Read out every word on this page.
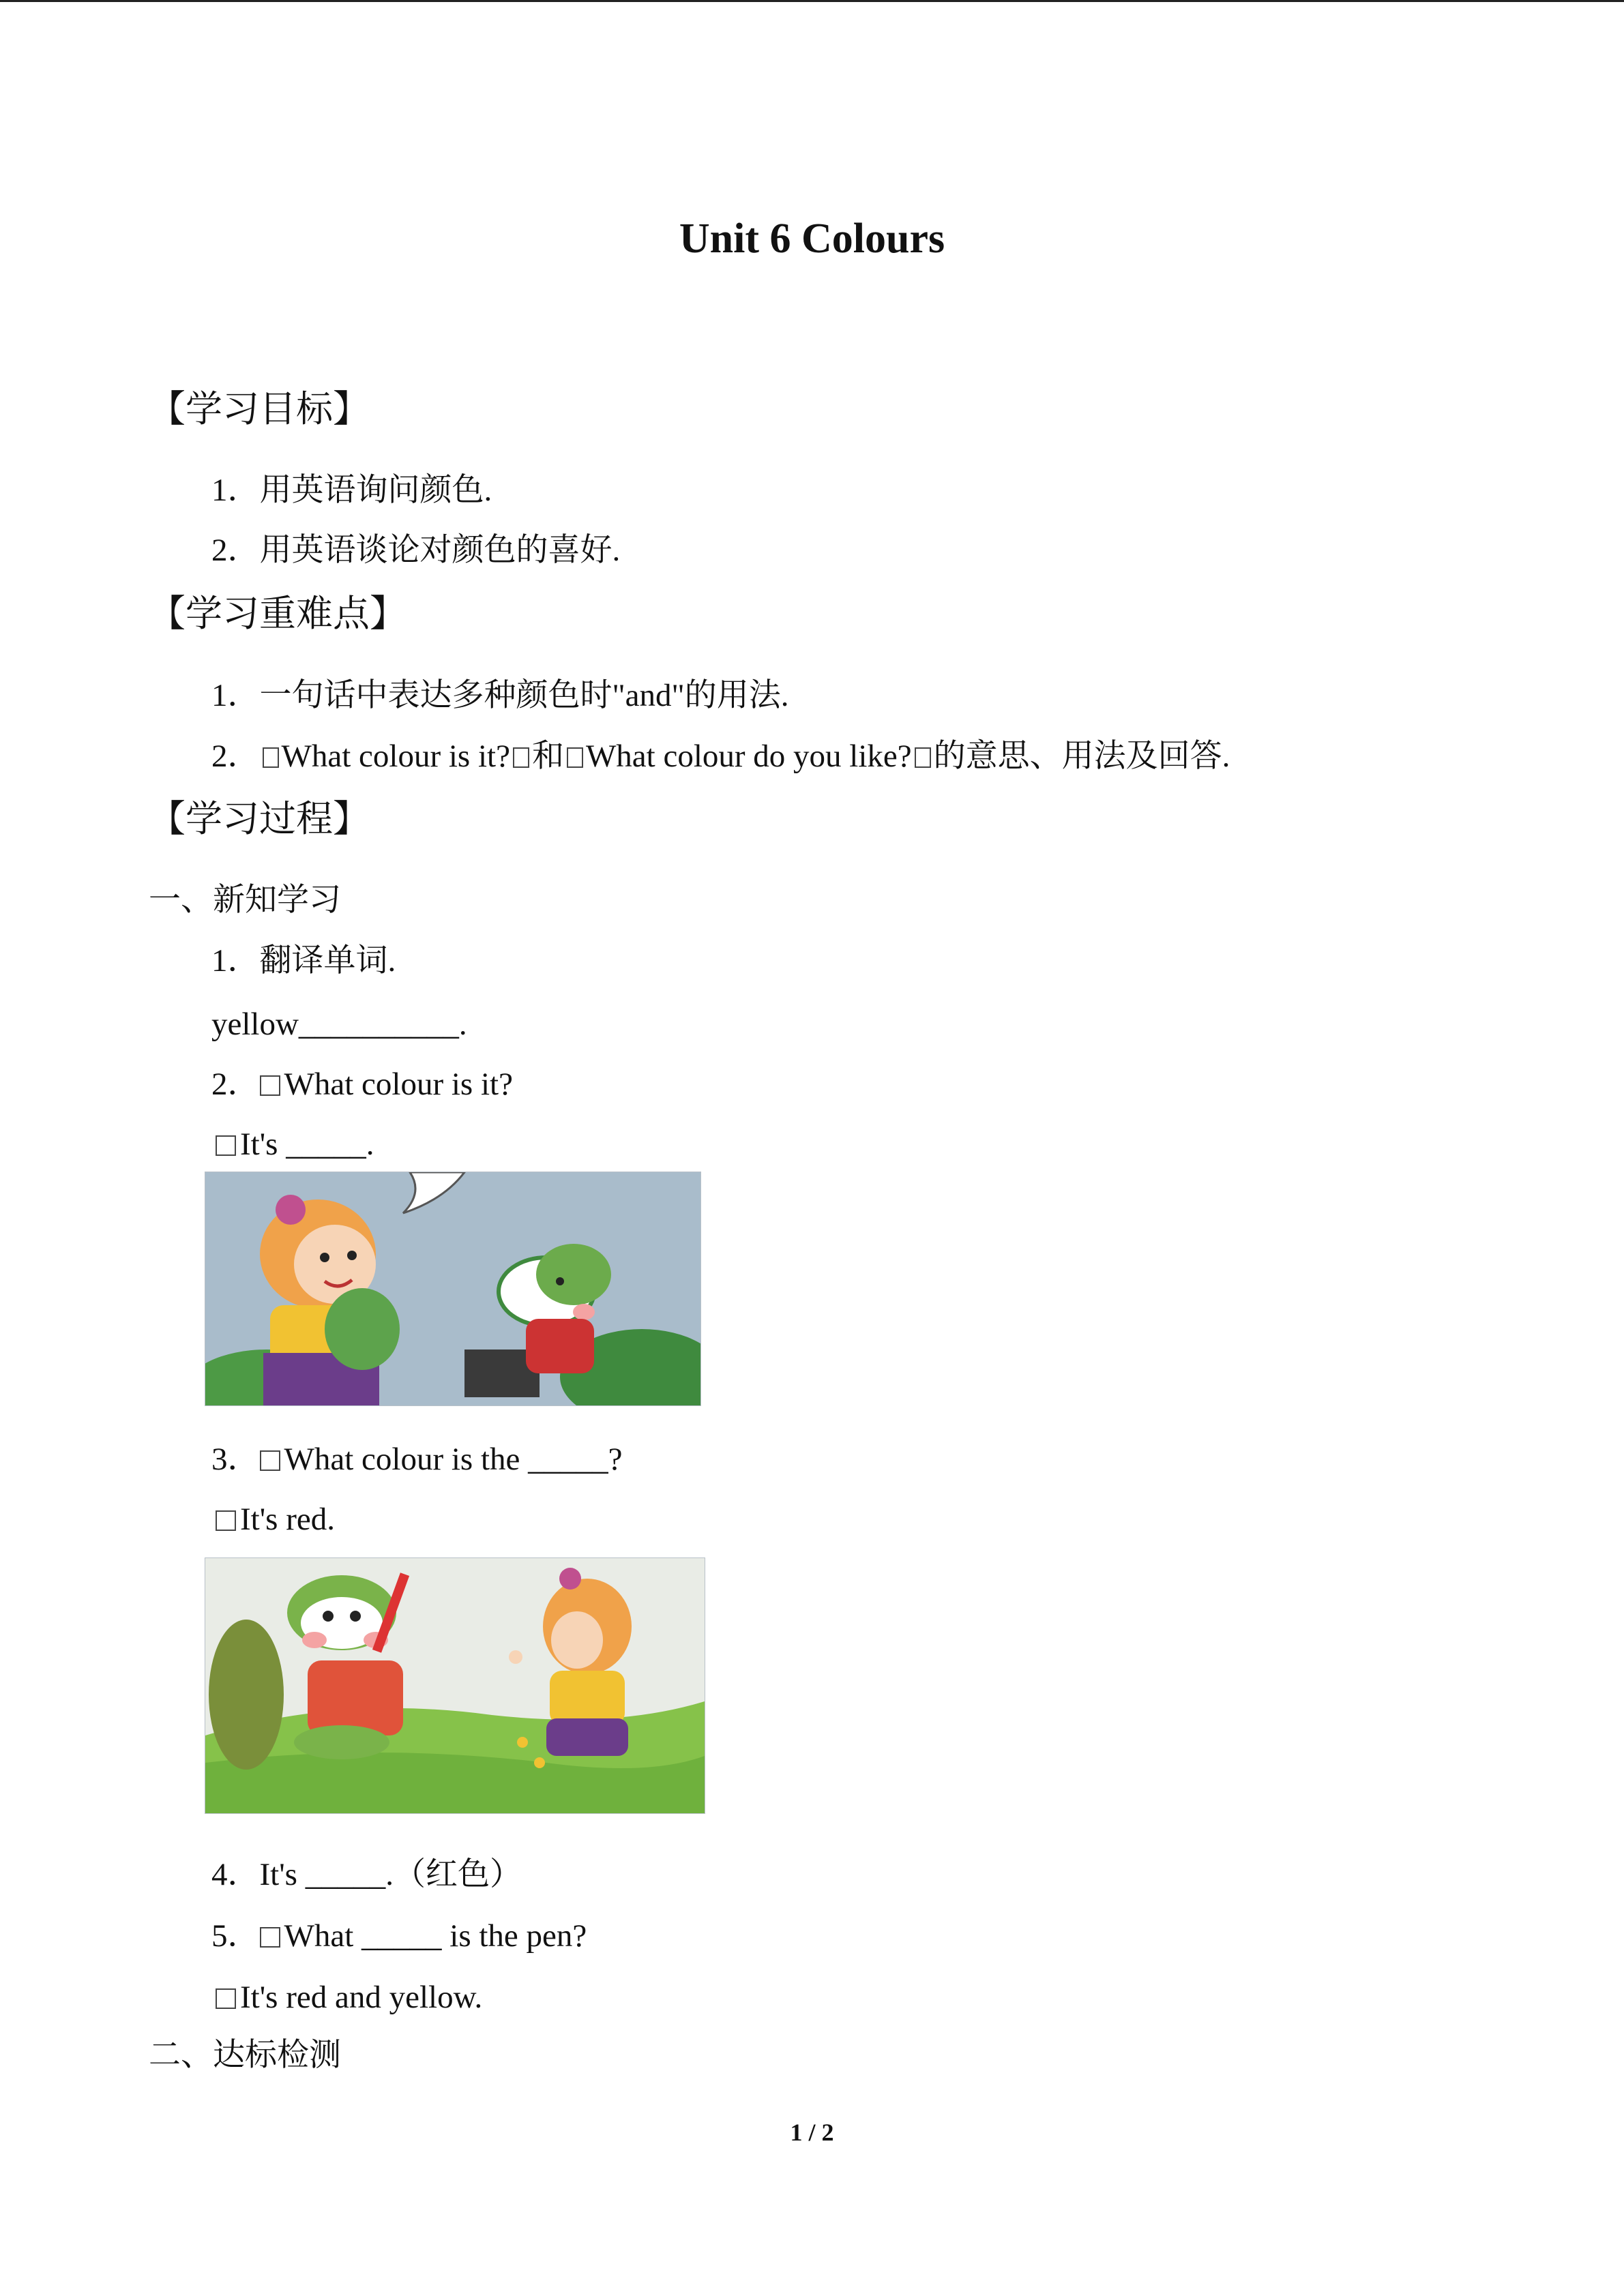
Unit 6 Colours
【学习目标】
1．用英语询问颜色.
2．用英语谈论对颜色的喜好.
【学习重难点】
1．一句话中表达多种颜色时"and"的用法.
2． What colour is it? 和 What colour do you like? 的意思、用法及回答.
【学习过程】
一、新知学习
1．翻译单词.
yellow__________.
2． What colour is it?
It's _____.
3． What colour is the _____?
It's red.
4．It's _____.（红色）
5． What _____ is the pen?
It's red and yellow.
二、达标检测
1 / 2
